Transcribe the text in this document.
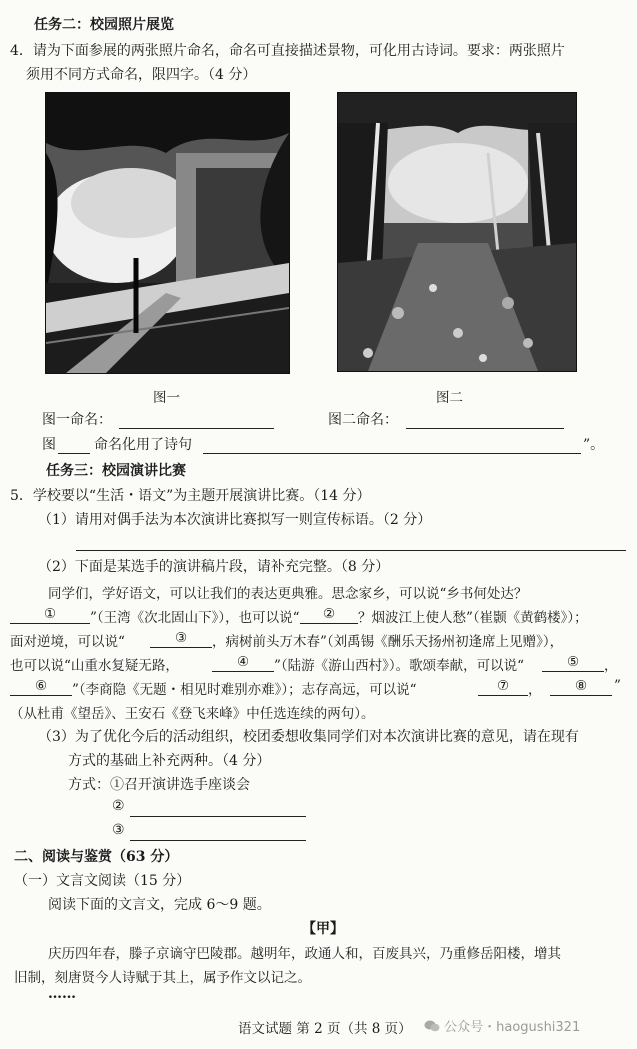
任务二：校园照片展览
4．请为下面参展的两张照片命名，命名可直接描述景物，可化用古诗词。要求：两张照片
须用不同方式命名，限四字。（4 分）
图一	图二
图一命名：	图二命名：
图	命名化用了诗句	”。
任务三：校园演讲比赛
5．学校要以“生活・语文”为主题开展演讲比赛。（14 分）
（1）请用对偶手法为本次演讲比赛拟写一则宣传标语。（2 分）
（2）下面是某选手的演讲稿片段，请补充完整。（8 分）
同学们，学好语文，可以让我们的表达更典雅。思念家乡，可以说“乡书何处达？
①	”（王湾《次北固山下》），也可以说“	②	？烟波江上使人愁”（崔颢《黄鹤楼》）；
面对逆境，可以说“	③	，病树前头万木春”（刘禹锡《酬乐天扬州初逢席上见赠》），
也可以说“山重水复疑无路，	④	”（陆游《游山西村》）。歌颂奉献，可以说“	⑤	，
⑥	”（李商隐《无题・相见时难别亦难》）；志存高远，可以说“	⑦	，	⑧	”
（从杜甫《望岳》、王安石《登飞来峰》中任选连续的两句）。
（3）为了优化今后的活动组织，校团委想收集同学们对本次演讲比赛的意见，请在现有
方式的基础上补充两种。（4 分）
方式：①召开演讲选手座谈会
②
③
二、阅读与鉴赏（63 分）
（一）文言文阅读（15 分）
阅读下面的文言文，完成 6～9 题。
【甲】
庆历四年春，滕子京谪守巴陵郡。越明年，政通人和，百废具兴，乃重修岳阳楼，增其
旧制，刻唐贤今人诗赋于其上，属予作文以记之。
……
语文试题 第 2 页（共 8 页）	公众号・haogushi321
